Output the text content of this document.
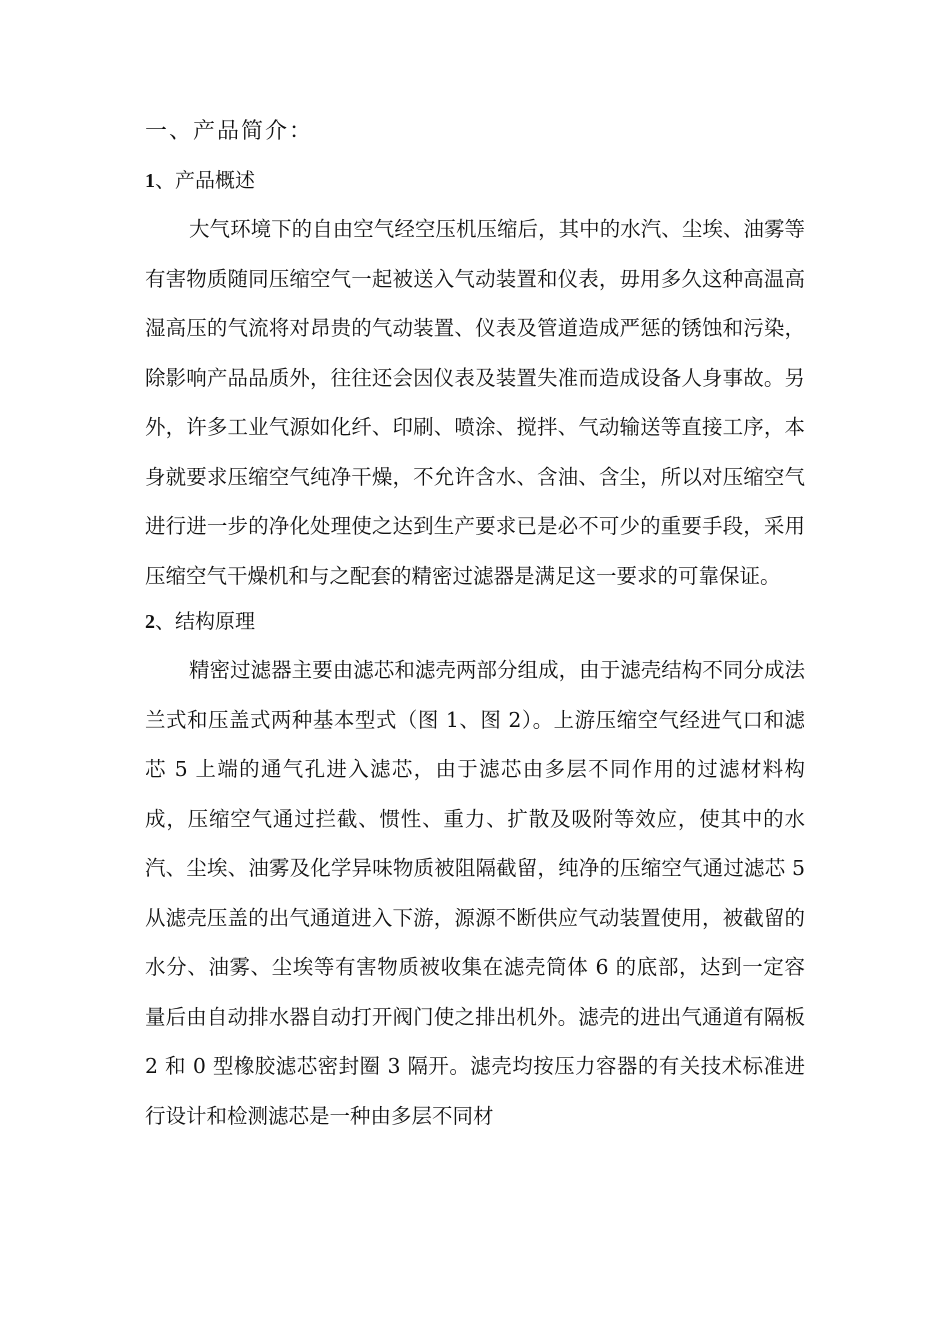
一、产品简介：
1、产品概述

大气环境下的自由空气经空压机压缩后，其中的水汽、尘埃、油雾等有害物质随同压缩空气一起被送入气动装置和仪表，毋用多久这种高温高湿高压的气流将对昂贵的气动装置、仪表及管道造成严惩的锈蚀和污染，除影响产品品质外，往往还会因仪表及装置失准而造成设备人身事故。另外，许多工业气源如化纤、印刷、喷涂、搅拌、气动输送等直接工序，本身就要求压缩空气纯净干燥，不允许含水、含油、含尘，所以对压缩空气进行进一步的净化处理使之达到生产要求已是必不可少的重要手段，采用压缩空气干燥机和与之配套的精密过滤器是满足这一要求的可靠保证。

2、结构原理

精密过滤器主要由滤芯和滤壳两部分组成，由于滤壳结构不同分成法兰式和压盖式两种基本型式（图 1、图 2）。上游压缩空气经进气口和滤芯 5 上端的通气孔进入滤芯，由于滤芯由多层不同作用的过滤材料构成，压缩空气通过拦截、惯性、重力、扩散及吸附等效应，使其中的水汽、尘埃、油雾及化学异味物质被阻隔截留，纯净的压缩空气通过滤芯 5 从滤壳压盖的出气通道进入下游，源源不断供应气动装置使用，被截留的水分、油雾、尘埃等有害物质被收集在滤壳筒体 6 的底部，达到一定容量后由自动排水器自动打开阀门使之排出机外。滤壳的进出气通道有隔板 2 和 0 型橡胶滤芯密封圈 3 隔开。滤壳均按压力容器的有关技术标准进行设计和检测滤芯是一种由多层不同材
